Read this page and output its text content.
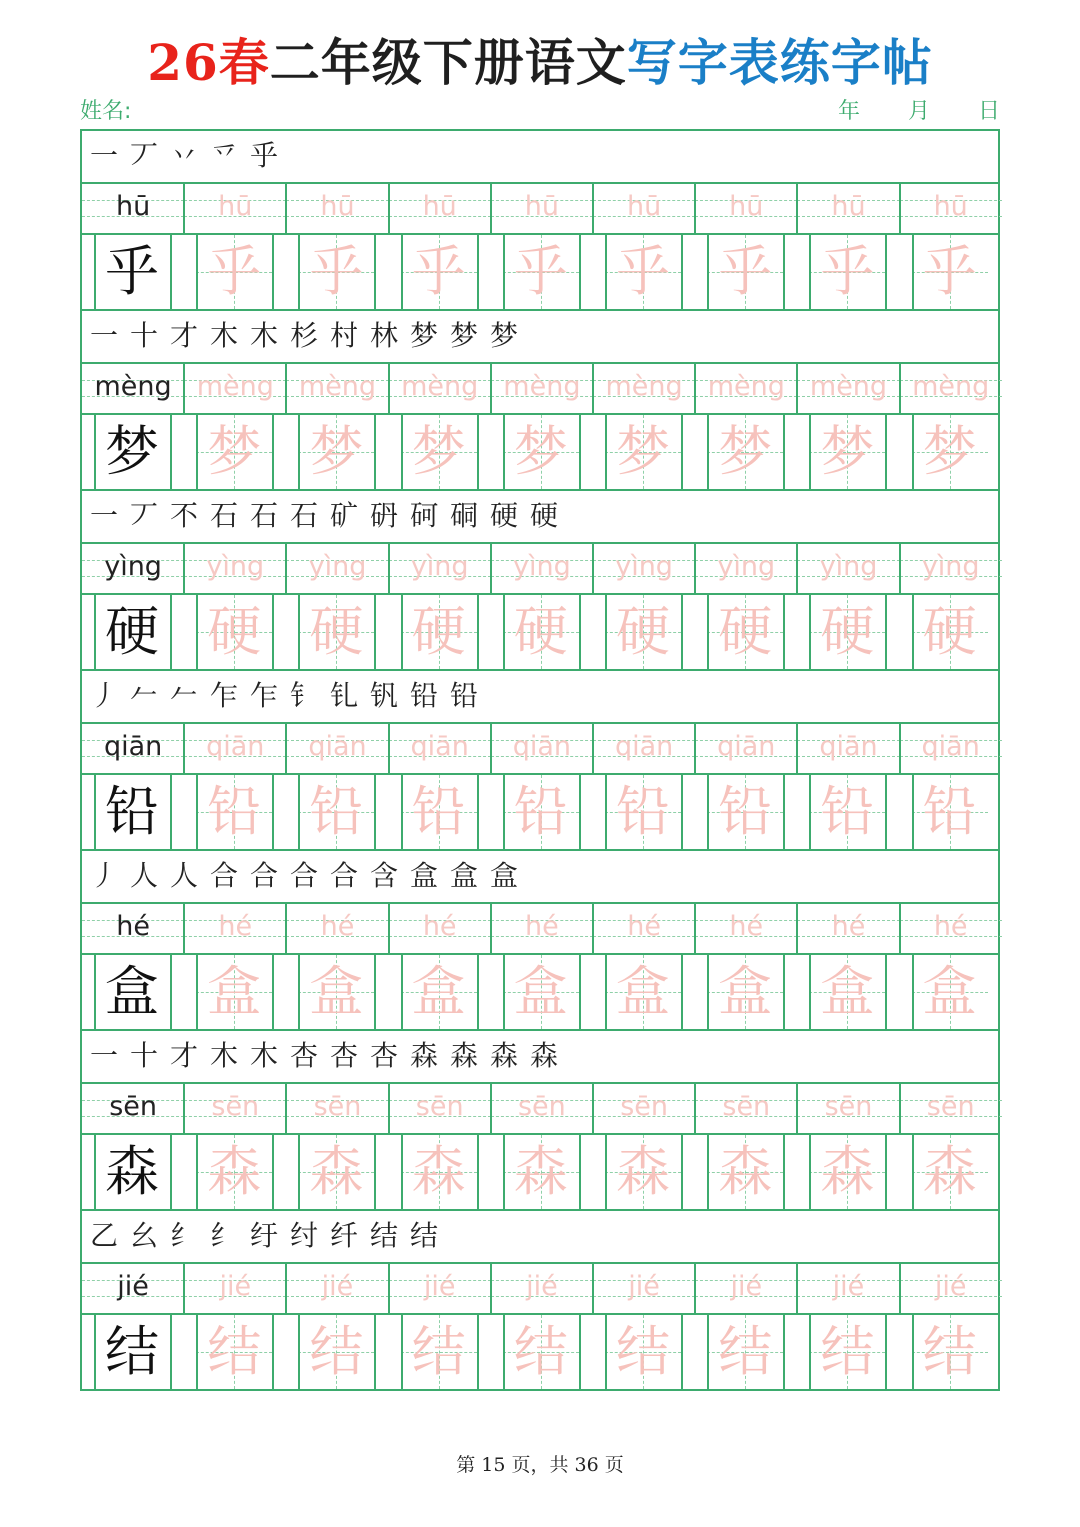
26春二年级下册语文写字表练字帖
姓名:	年 月 日
一 丆 丷 乊 乎
hū	hū	hū	hū	hū	hū	hū	hū	hū
乎 乎 乎 乎 乎 乎 乎 乎 乎
一 十 才 木 木 杉 村 林 梦 梦 梦
mèng mèng mèng mèng mèng mèng mèng mèng mèng
梦 梦 梦 梦 梦 梦 梦 梦 梦
一 丆 不 石 石 石 矿 砃 砢 硐 硬 硬
yìng	yìng	yìng	yìng	yìng	yìng	yìng	yìng	yìng
硬 硬 硬 硬 硬 硬 硬 硬 硬
丿 𠂉 𠂉 乍 乍 钅 钆 钒 铅 铅
qiān	qiān	qiān	qiān	qiān	qiān	qiān	qiān	qiān
铅 铅 铅 铅 铅 铅 铅 铅 铅
丿 人 人 合 合 合 合 含 盒 盒 盒
hé	hé	hé	hé	hé	hé	hé	hé	hé
盒 盒 盒 盒 盒 盒 盒 盒 盒
一 十 才 木 木 杏 杏 杏 森 森 森 森
sēn	sēn	sēn	sēn	sēn	sēn	sēn	sēn	sēn
森 森 森 森 森 森 森 森 森
乙 幺 纟 纟 纡 纣 纤 结 结
jié	jié	jié	jié	jié	jié	jié	jié	jié
结 结 结 结 结 结 结 结 结
第 15 页，共 36 页
